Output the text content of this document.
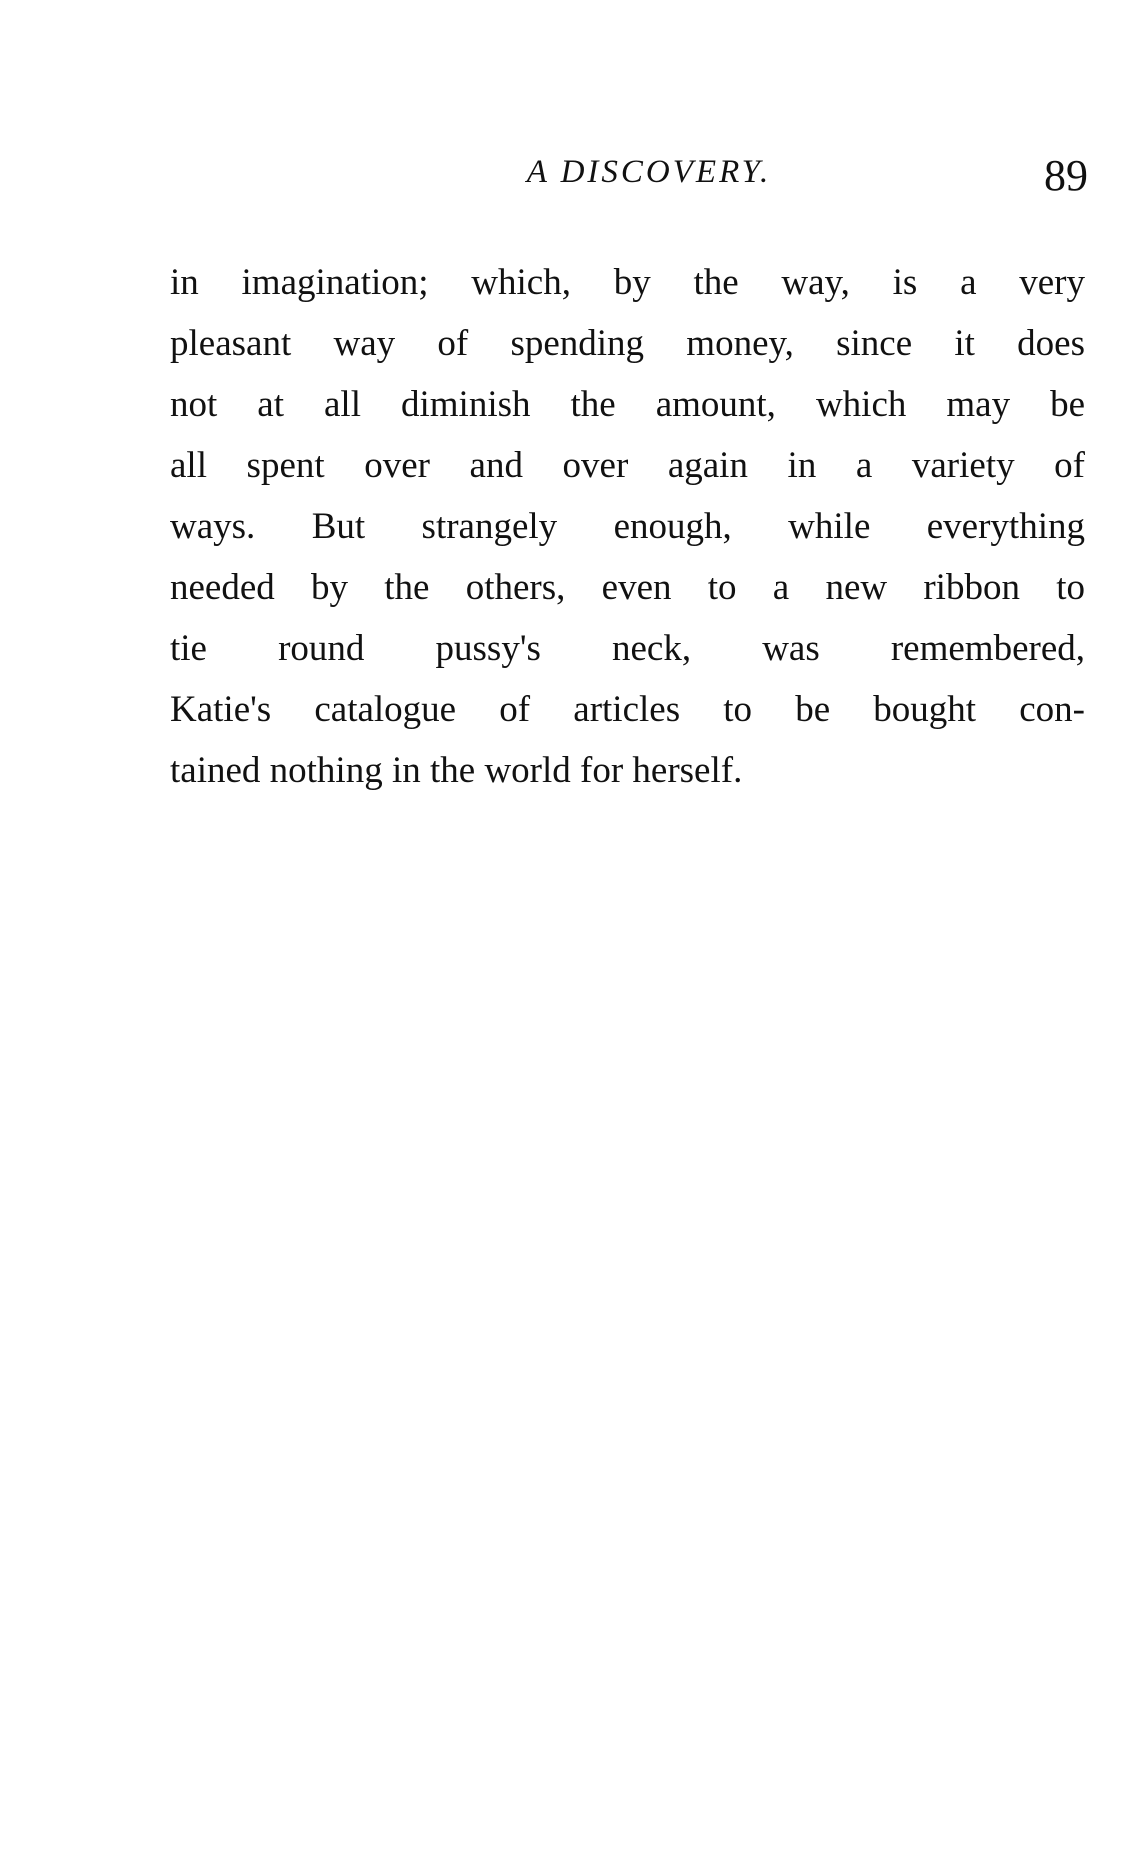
A DISCOVERY.	89
in imagination; which, by the way, is a very
pleasant way of spending money, since it does
not at all diminish the amount, which may be
all spent over and over again in a variety of
ways. But strangely enough, while everything
needed by the others, even to a new ribbon to
tie round pussy's neck, was remembered,
Katie's catalogue of articles to be bought con-
tained nothing in the world for herself.
